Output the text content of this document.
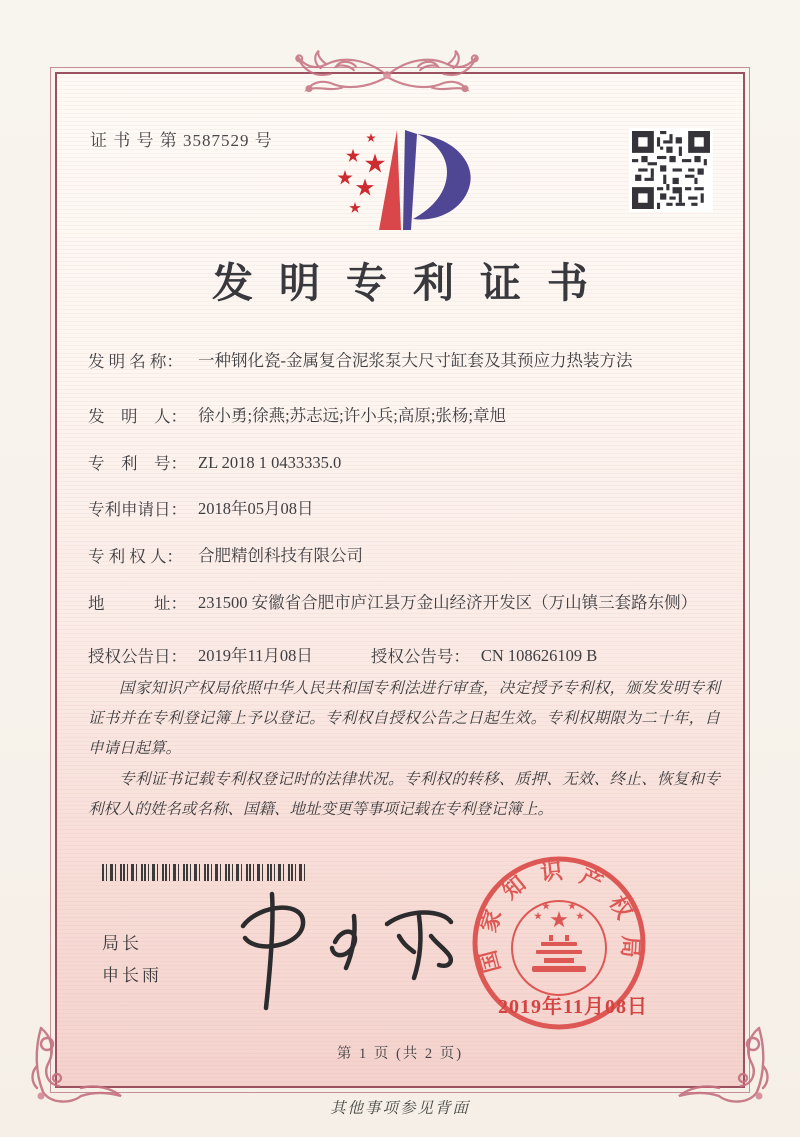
证 书 号 第 3587529 号
发明专利证书
发 明 名 称： 一种钢化瓷-金属复合泥浆泵大尺寸缸套及其预应力热装方法
发　明　人： 徐小勇;徐燕;苏志远;许小兵;高原;张杨;章旭
专　利　号： ZL 2018 1 0433335.0
专利申请日： 2018年05月08日
专 利 权 人： 合肥精创科技有限公司
地　　　址： 231500 安徽省合肥市庐江县万金山经济开发区（万山镇三套路东侧）
授权公告日： 2019年11月08日	授权公告号： CN 108626109 B

国家知识产权局依照中华人民共和国专利法进行审查，决定授予专利权，颁发发明专利证书并在专利登记簿上予以登记。专利权自授权公告之日起生效。专利权期限为二十年，自申请日起算。

专利证书记载专利权登记时的法律状况。专利权的转移、质押、无效、终止、恢复和专利权人的姓名或名称、国籍、地址变更等事项记载在专利登记簿上。

局长
申长雨
国
家
知 识 产
权
局
2019年11月08日
第 1 页 (共 2 页)
其他事项参见背面
